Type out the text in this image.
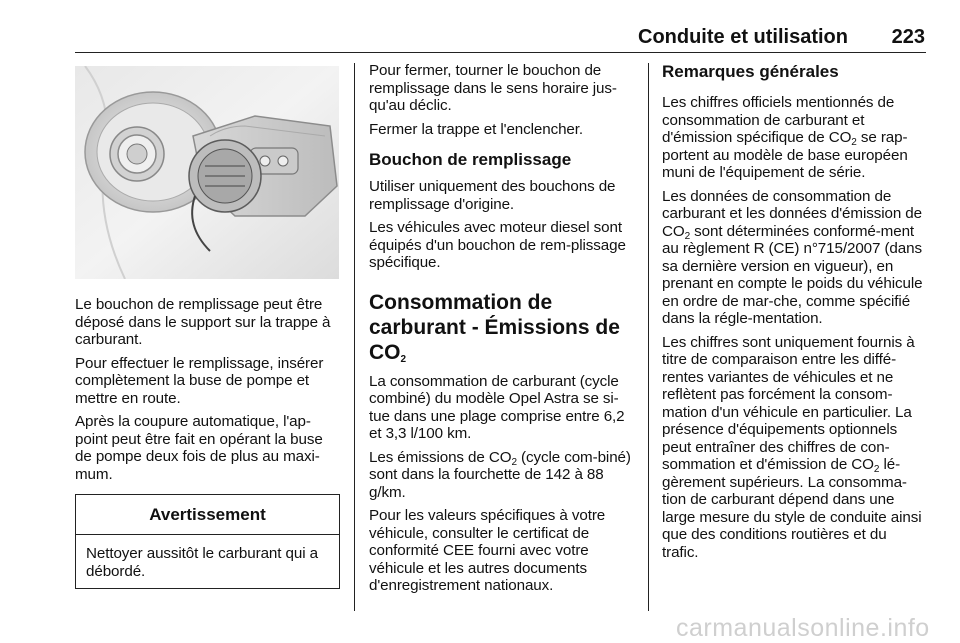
Conduite et utilisation 223

Le bouchon de remplissage peut être déposé dans le support sur la trappe à carburant.

Pour effectuer le remplissage, insérer complètement la buse de pompe et mettre en route.

Après la coupure automatique, l'ap-point peut être fait en opérant la buse de pompe deux fois de plus au maxi-mum.

Avertissement

Nettoyer aussitôt le carburant qui a débordé.

Pour fermer, tourner le bouchon de remplissage dans le sens horaire jus-qu'au déclic.

Fermer la trappe et l'enclencher.

Bouchon de remplissage

Utiliser uniquement des bouchons de remplissage d'origine.

Les véhicules avec moteur diesel sont équipés d'un bouchon de rem-plissage spécifique.

Consommation de carburant - Émissions de $CO_2$

La consommation de carburant (cycle combiné) du modèle Opel Astra se si-tue dans une plage comprise entre 6,2 et 3,3 l/100 km.

Les émissions de $CO_2$ (cycle com-biné) sont dans la fourchette de 142 à 88 g/km.

Pour les valeurs spécifiques à votre véhicule, consulter le certificat de conformité CEE fourni avec votre véhicule et les autres documents d'enregistrement nationaux.

Remarques générales

Les chiffres officiels mentionnés de consommation de carburant et d'émission spécifique de $CO_2$ se rap-portent au modèle de base européen muni de l'équipement de série.

Les données de consommation de carburant et les données d'émission de $CO_2$ sont déterminées conformé-ment au règlement R (CE) n°715/2007 (dans sa dernière version en vigueur), en prenant en compte le poids du véhicule en ordre de mar-che, comme spécifié dans la régle-mentation.

Les chiffres sont uniquement fournis à titre de comparaison entre les diffé-rentes variantes de véhicules et ne reflètent pas forcément la consom-mation d'un véhicule en particulier. La présence d'équipements optionnels peut entraîner des chiffres de con-sommation et d'émission de $CO_2$ lé-gèrement supérieurs. La consomma-tion de carburant dépend dans une large mesure du style de conduite ainsi que des conditions routières et du trafic.

carmanualsonline.info
